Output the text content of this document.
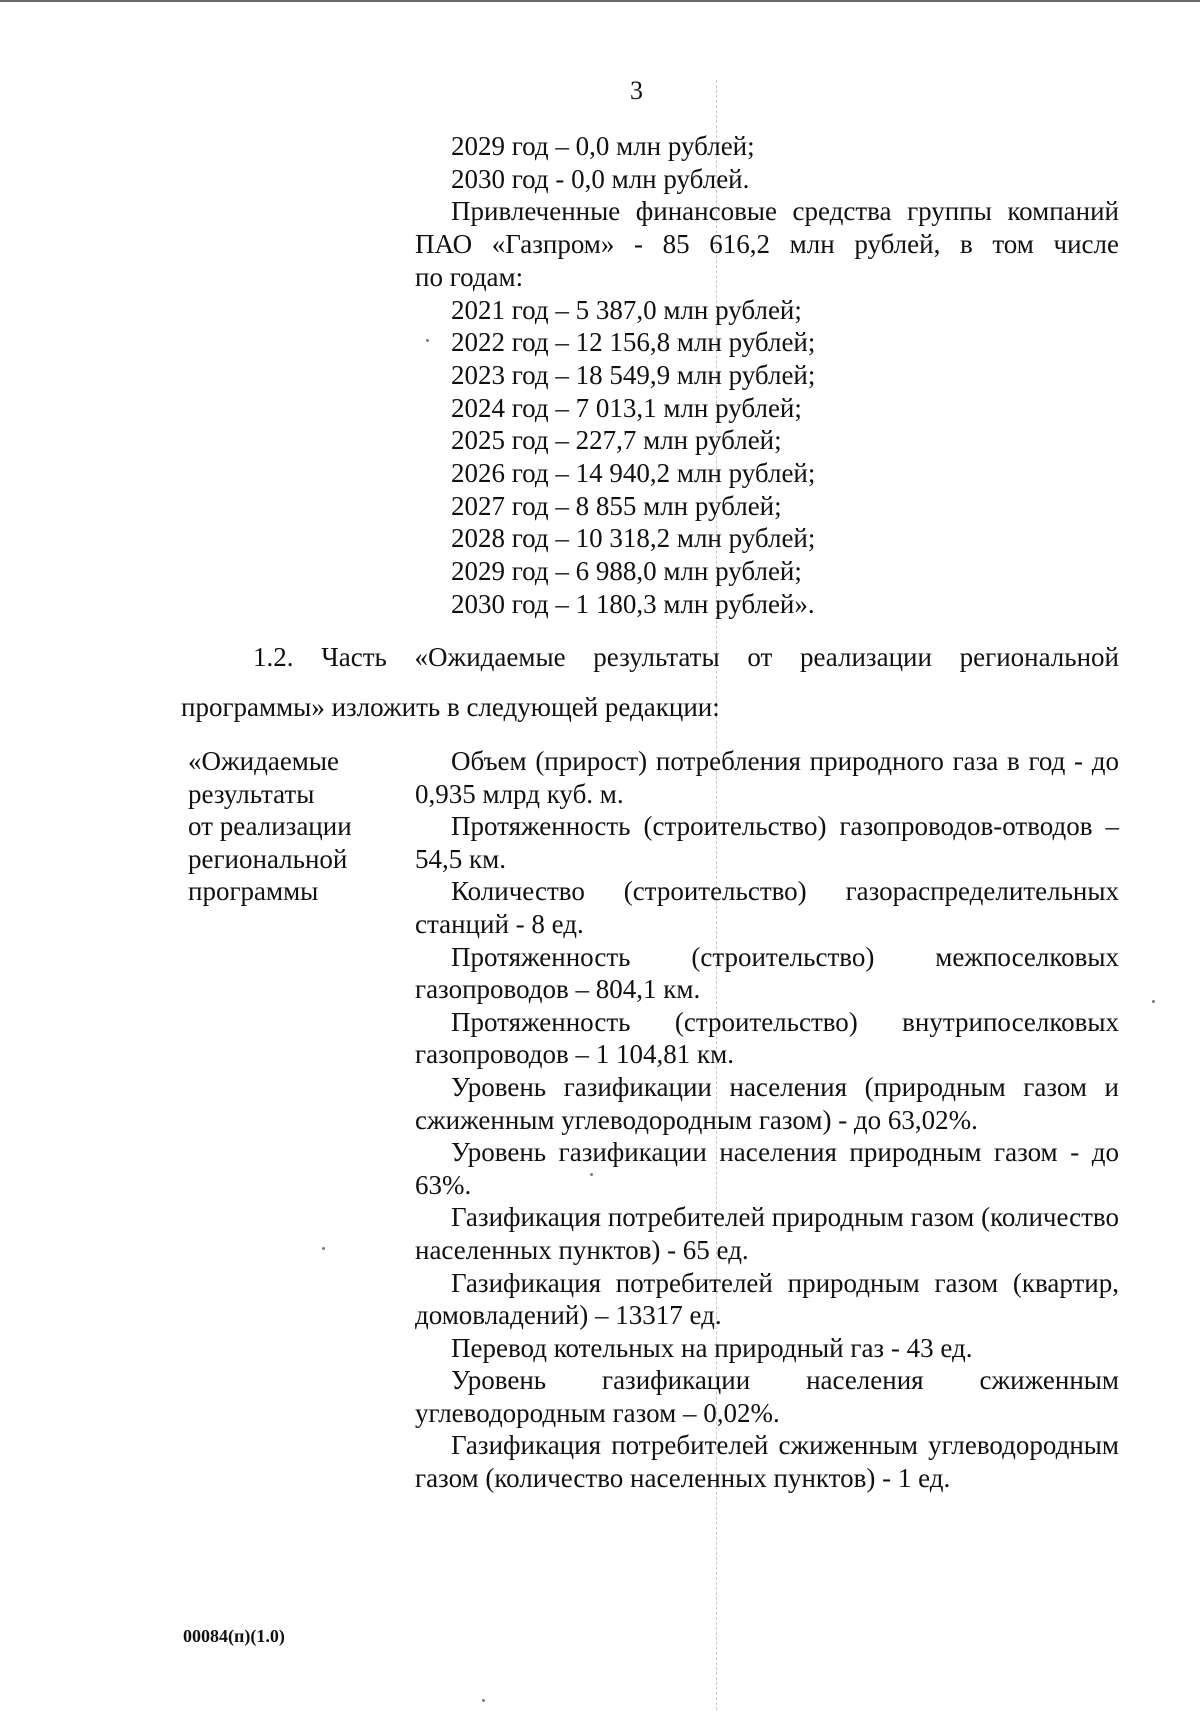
3
2029 год – 0,0 млн рублей;
2030 год - 0,0 млн рублей.
Привлеченные финансовые средства группы компаний ПАО «Газпром» - 85 616,2 млн рублей, в том числе
по годам:
2021 год – 5 387,0 млн рублей;
2022 год – 12 156,8 млн рублей;
2023 год – 18 549,9 млн рублей;
2024 год – 7 013,1 млн рублей;
2025 год – 227,7 млн рублей;
2026 год – 14 940,2 млн рублей;
2027 год – 8 855 млн рублей;
2028 год – 10 318,2 млн рублей;
2029 год – 6 988,0 млн рублей;
2030 год – 1 180,3 млн рублей».
1.2. Часть «Ожидаемые результаты от реализации региональной
программы» изложить в следующей редакции:
«Ожидаемые
результаты
от реализации
региональной
программы
Объем (прирост) потребления природного газа в год - до 0,935 млрд куб. м.
Протяженность (строительство) газопроводов-отводов – 54,5 км.
Количество (строительство) газораспределительных станций - 8 ед.
Протяженность (строительство) межпоселковых газопроводов – 804,1 км.
Протяженность (строительство) внутрипоселковых газопроводов – 1 104,81 км.
Уровень газификации населения (природным газом и сжиженным углеводородным газом) - до 63,02%.
Уровень газификации населения природным газом - до 63%.
Газификация потребителей природным газом (количество населенных пунктов) - 65 ед.
Газификация потребителей природным газом (квартир, домовладений) – 13317 ед.
Перевод котельных на природный газ - 43 ед.
Уровень газификации населения сжиженным углеводородным газом – 0,02%.
Газификация потребителей сжиженным углеводородным газом (количество населенных пунктов) - 1 ед.
00084(п)(1.0)
